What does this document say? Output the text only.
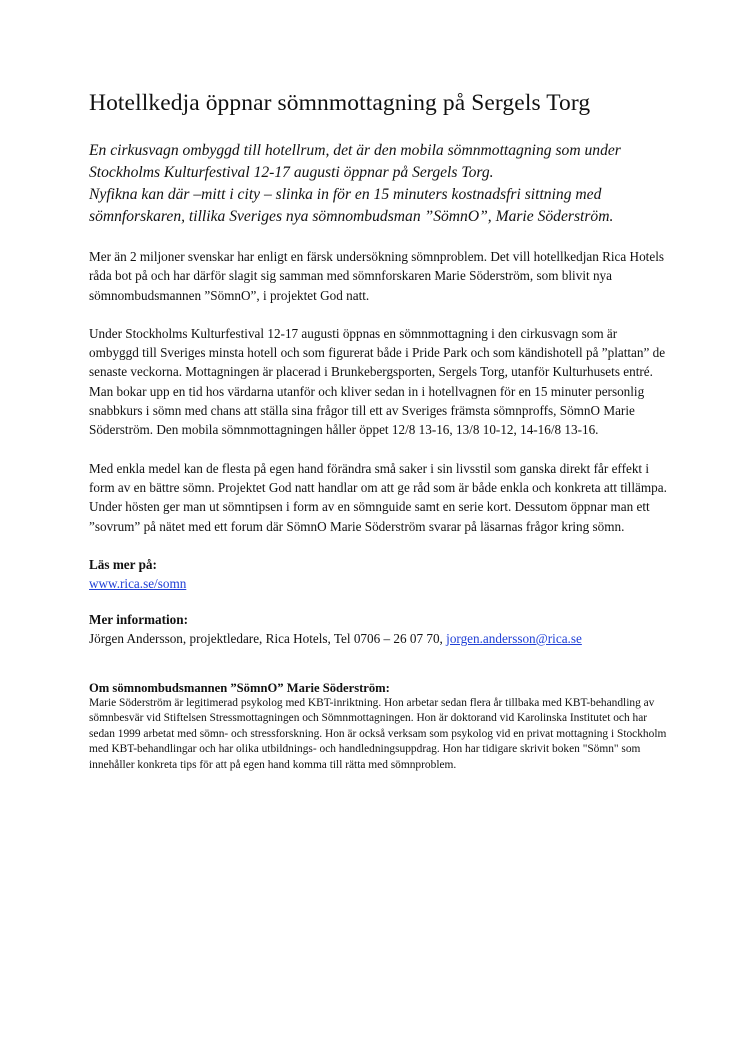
Hotellkedja öppnar sömnmottagning på Sergels Torg
En cirkusvagn ombyggd till hotellrum, det är den mobila sömnmottagning som under Stockholms Kulturfestival 12-17 augusti öppnar på Sergels Torg.
Nyfikna kan där –mitt i city – slinka in för en 15 minuters kostnadsfri sittning med sömnforskaren, tillika Sveriges nya sömnombudsman ”SömnO”, Marie Söderström.

Mer än 2 miljoner svenskar har enligt en färsk undersökning sömnproblem. Det vill hotellkedjan Rica Hotels råda bot på och har därför slagit sig samman med sömnforskaren Marie Söderström, som blivit nya sömnombudsmannen ”SömnO”, i projektet God natt.

Under Stockholms Kulturfestival 12-17 augusti öppnas en sömnmottagning i den cirkusvagn som är ombyggd till Sveriges minsta hotell och som figurerat både i Pride Park och som kändishotell på ”plattan” de senaste veckorna. Mottagningen är placerad i Brunkebergsporten, Sergels Torg, utanför Kulturhusets entré. Man bokar upp en tid hos värdarna utanför och kliver sedan in i hotellvagnen för en 15 minuter personlig snabbkurs i sömn med chans att ställa sina frågor till ett av Sveriges främsta sömnproffs, SömnO Marie Söderström. Den mobila sömnmottagningen håller öppet 12/8 13-16, 13/8 10-12, 14-16/8 13-16.

Med enkla medel kan de flesta på egen hand förändra små saker i sin livsstil som ganska direkt får effekt i form av en bättre sömn. Projektet God natt handlar om att ge råd som är både enkla och konkreta att tillämpa. Under hösten ger man ut sömntipsen i form av en sömnguide samt en serie kort. Dessutom öppnar man ett ”sovrum” på nätet med ett forum där SömnO Marie Söderström svarar på läsarnas frågor kring sömn.

Läs mer på:
www.rica.se/somn
Mer information:
Jörgen Andersson, projektledare, Rica Hotels, Tel 0706 – 26 07 70, jorgen.andersson@rica.se
Om sömnombudsmannen ”SömnO” Marie Söderström:

Marie Söderström är legitimerad psykolog med KBT-inriktning. Hon arbetar sedan flera år tillbaka med KBT-behandling av sömnbesvär vid Stiftelsen Stressmottagningen och Sömnmottagningen. Hon är doktorand vid Karolinska Institutet och har sedan 1999 arbetat med sömn- och stressforskning. Hon är också verksam som psykolog vid en privat mottagning i Stockholm med KBT-behandlingar och har olika utbildnings- och handledningsuppdrag. Hon har tidigare skrivit boken "Sömn" som innehåller konkreta tips för att på egen hand komma till rätta med sömnproblem.
